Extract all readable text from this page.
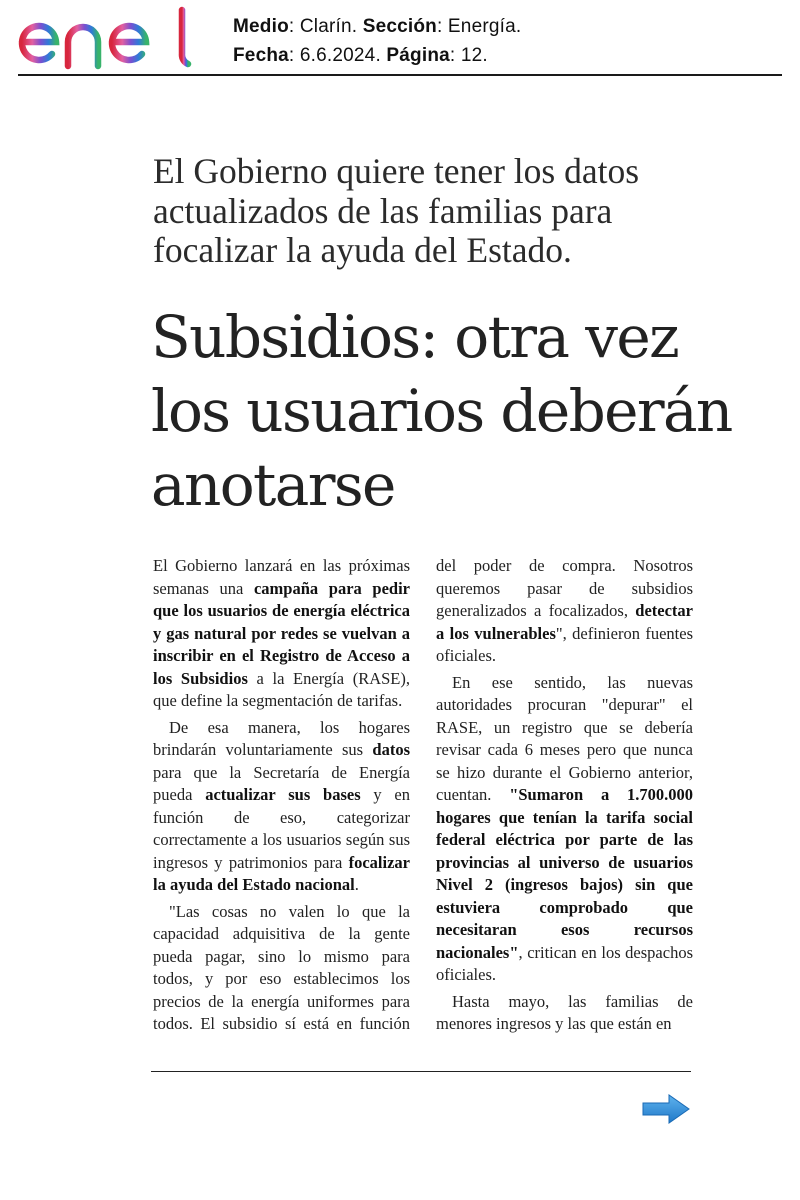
Medio: Clarín. Sección: Energía.
Fecha: 6.6.2024. Página: 12.
El Gobierno quiere tener los datos actualizados de las familias para focalizar la ayuda del Estado.
Subsidios: otra vez los usuarios deberán anotarse

El Gobierno lanzará en las próximas semanas una campaña para pedir que los usuarios de energía eléctrica y gas natural por redes se vuelvan a inscribir en el Registro de Acceso a los Subsidios a la Energía (RASE), que define la segmentación de tarifas.

De esa manera, los hogares brindarán voluntariamente sus datos para que la Secretaría de Energía pueda actualizar sus bases y en función de eso, categorizar correctamente a los usuarios según sus ingresos y patrimonios para focalizar la ayuda del Estado nacional.

"Las cosas no valen lo que la capacidad adquisitiva de la gente pueda pagar, sino lo mismo para todos, y por eso establecimos los precios de la energía uniformes para todos. El subsidio sí está en función del poder de compra. Nosotros queremos pasar de subsidios generalizados a focalizados, detectar a los vulnerables", definieron fuentes oficiales.

En ese sentido, las nuevas autoridades procuran "depurar" el RASE, un registro que se debería revisar cada 6 meses pero que nunca se hizo durante el Gobierno anterior, cuentan. "Sumaron a 1.700.000 hogares que tenían la tarifa social federal eléctrica por parte de las provincias al universo de usuarios Nivel 2 (ingresos bajos) sin que estuviera comprobado que necesitaran esos recursos nacionales", critican en los despachos oficiales.

Hasta mayo, las familias de menores ingresos y las que están en
